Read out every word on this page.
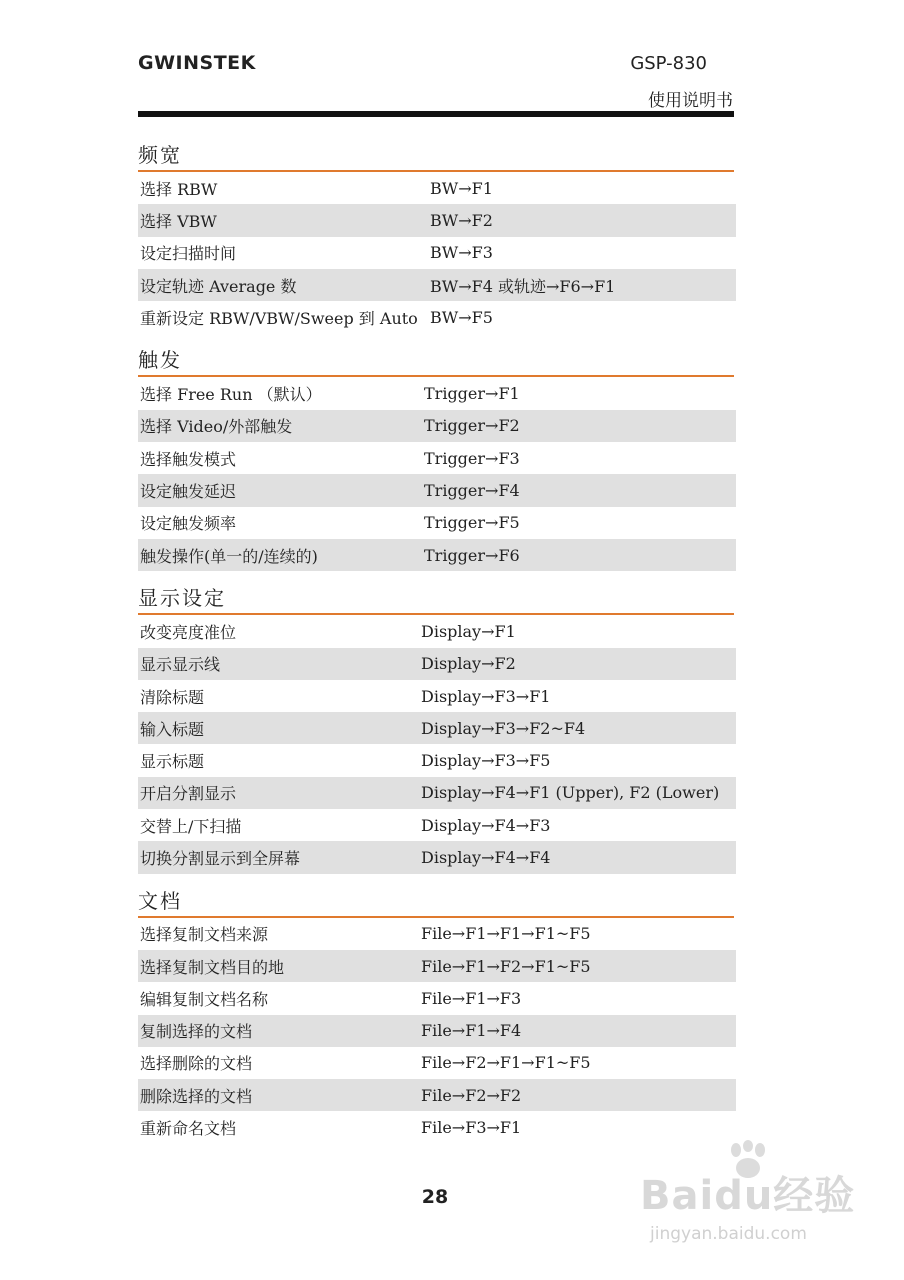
GWINSTEK	GSP-830
使用说明书
频宽
选择 RBW	BW→F1
选择 VBW	BW→F2
设定扫描时间	BW→F3
设定轨迹 Average 数	BW→F4 或轨迹→F6→F1
重新设定 RBW/VBW/Sweep 到 Auto BW→F5
触发
选择 Free Run （默认）	Trigger→F1
选择 Video/外部触发	Trigger→F2
选择触发模式	Trigger→F3
设定触发延迟	Trigger→F4
设定触发频率	Trigger→F5
触发操作(单一的/连续的)	Trigger→F6
显示设定
改变亮度准位	Display→F1
显示显示线	Display→F2
清除标题	Display→F3→F1
输入标题	Display→F3→F2~F4
显示标题	Display→F3→F5
开启分割显示	Display→F4→F1 (Upper), F2 (Lower)
交替上/下扫描	Display→F4→F3
切换分割显示到全屏幕	Display→F4→F4
文档
选择复制文档来源	File→F1→F1→F1~F5
选择复制文档目的地	File→F1→F2→F1~F5
编辑复制文档名称	File→F1→F3
复制选择的文档	File→F1→F4
选择删除的文档	File→F2→F1→F1~F5
删除选择的文档	File→F2→F2
重新命名文档	File→F3→F1
28	Baidu经验
jingyan.baidu.com
